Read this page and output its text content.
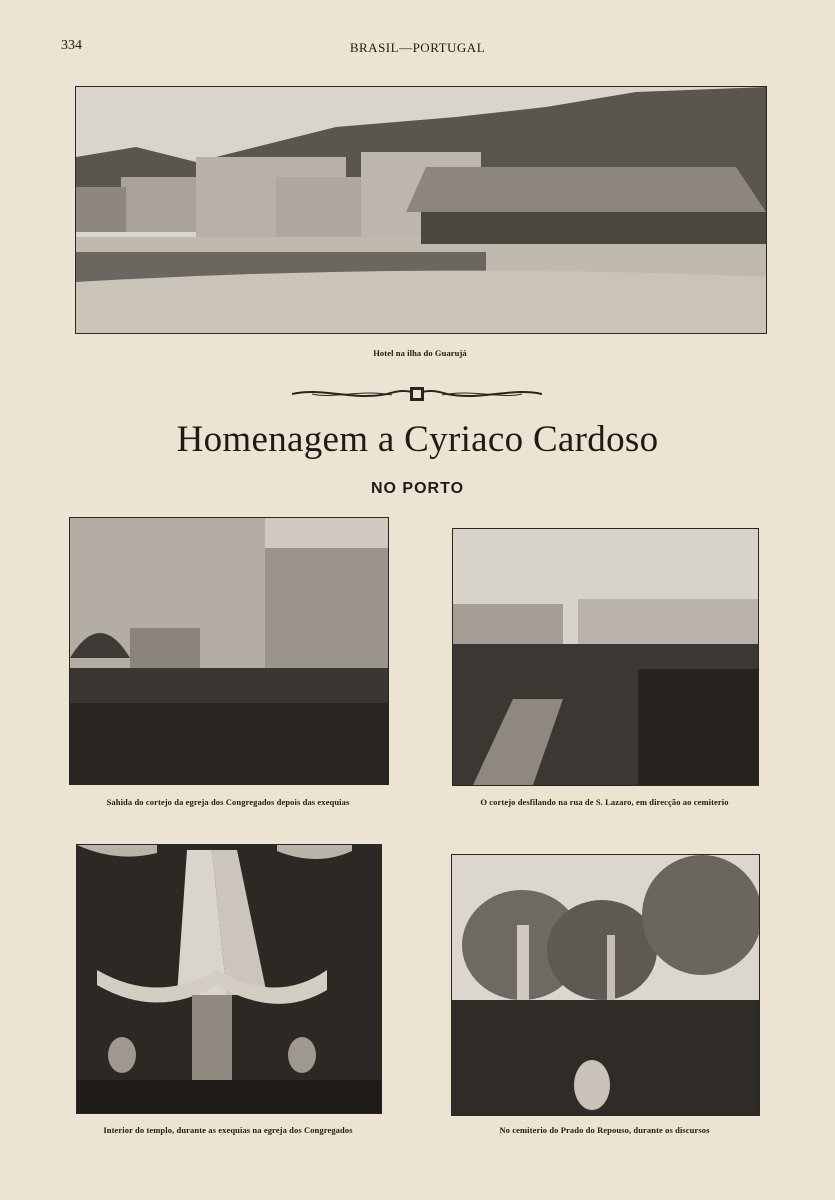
334	BRASIL—PORTUGAL
Hotel na ilha do Guarujá
Homenagem a Cyriaco Cardoso
NO PORTO
Sahida do cortejo da egreja dos Congregados depois das exequias	O cortejo desfilando na rua de S. Lazaro, em direcção ao cemiterio
Interior do templo, durante as exequias na egreja dos Congregados	No cemiterio do Prado do Repouso, durante os discursos
